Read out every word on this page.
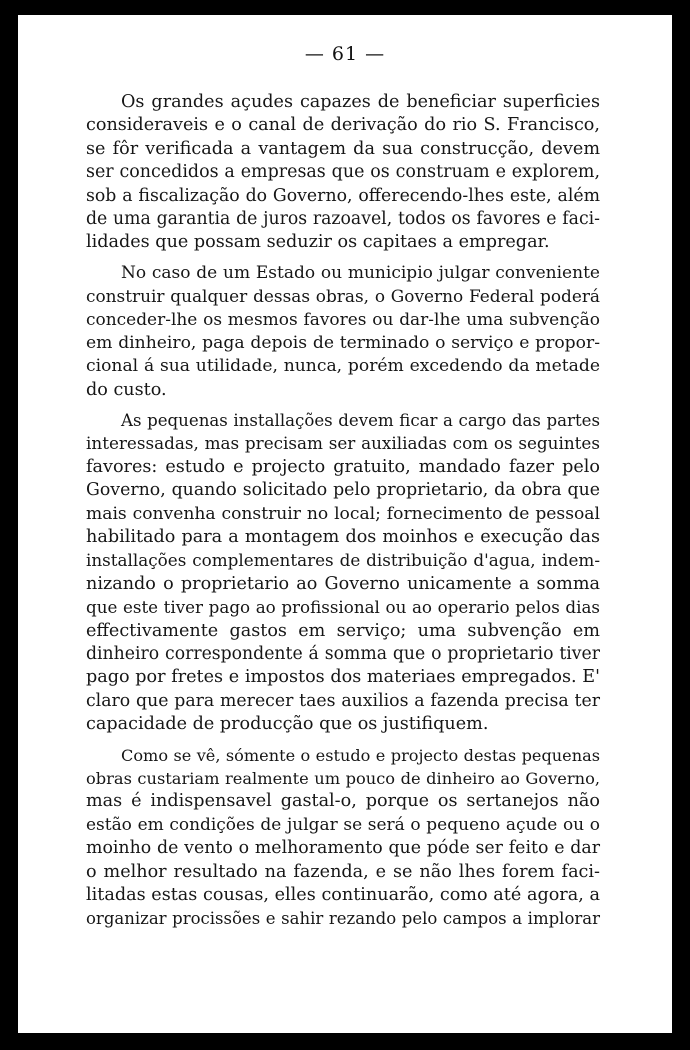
— 61 —
Os grandes açudes capazes de beneficiar superficies
consideraveis e o canal de derivação do rio S. Francisco,
se fôr verificada a vantagem da sua construcção, devem
ser concedidos a empresas que os construam e explorem,
sob a fiscalização do Governo, offerecendo-lhes este, além
de uma garantia de juros razoavel, todos os favores e faci-
lidades que possam seduzir os capitaes a empregar.
No caso de um Estado ou municipio julgar conveniente
construir qualquer dessas obras, o Governo Federal poderá
conceder-lhe os mesmos favores ou dar-lhe uma subvenção
em dinheiro, paga depois de terminado o serviço e propor-
cional á sua utilidade, nunca, porém excedendo da metade
do custo.
As pequenas installações devem ficar a cargo das partes
interessadas, mas precisam ser auxiliadas com os seguintes
favores: estudo e projecto gratuito, mandado fazer pelo
Governo, quando solicitado pelo proprietario, da obra que
mais convenha construir no local; fornecimento de pessoal
habilitado para a montagem dos moinhos e execução das
installações complementares de distribuição d'agua, indem-
nizando o proprietario ao Governo unicamente a somma
que este tiver pago ao profissional ou ao operario pelos dias
effectivamente gastos em serviço; uma subvenção em
dinheiro correspondente á somma que o proprietario tiver
pago por fretes e impostos dos materiaes empregados. E'
claro que para merecer taes auxilios a fazenda precisa ter
capacidade de producção que os justifiquem.
Como se vê, sómente o estudo e projecto destas pequenas
obras custariam realmente um pouco de dinheiro ao Governo,
mas é indispensavel gastal-o, porque os sertanejos não
estão em condições de julgar se será o pequeno açude ou o
moinho de vento o melhoramento que póde ser feito e dar
o melhor resultado na fazenda, e se não lhes forem faci-
litadas estas cousas, elles continuarão, como até agora, a
organizar procissões e sahir rezando pelo campos a implorar
